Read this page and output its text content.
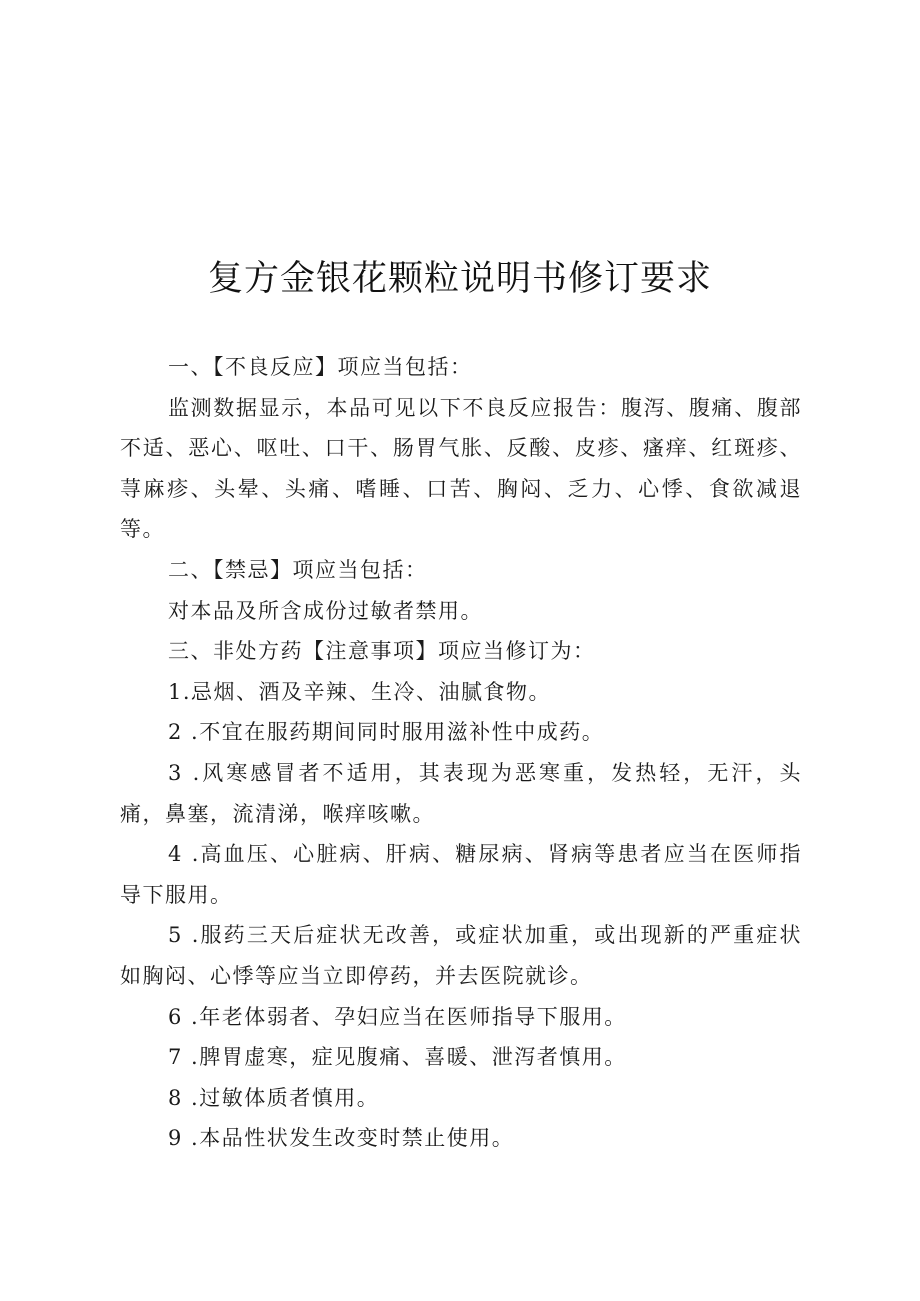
复方金银花颗粒说明书修订要求

一、【不良反应】项应当包括：

监测数据显示，本品可见以下不良反应报告：腹泻、腹痛、腹部不适、恶心、呕吐、口干、肠胃气胀、反酸、皮疹、瘙痒、红斑疹、荨麻疹、头晕、头痛、嗜睡、口苦、胸闷、乏力、心悸、食欲减退等。

二、【禁忌】项应当包括：

对本品及所含成份过敏者禁用。

三、非处方药【注意事项】项应当修订为：

1.忌烟、酒及辛辣、生冷、油腻食物。

2 .不宜在服药期间同时服用滋补性中成药。

3 .风寒感冒者不适用，其表现为恶寒重，发热轻，无汗，头痛，鼻塞，流清涕，喉痒咳嗽。

4 .高血压、心脏病、肝病、糖尿病、肾病等患者应当在医师指导下服用。

5 .服药三天后症状无改善，或症状加重，或出现新的严重症状如胸闷、心悸等应当立即停药，并去医院就诊。

6 .年老体弱者、孕妇应当在医师指导下服用。

7 .脾胃虚寒，症见腹痛、喜暖、泄泻者慎用。

8 .过敏体质者慎用。

9 .本品性状发生改变时禁止使用。
